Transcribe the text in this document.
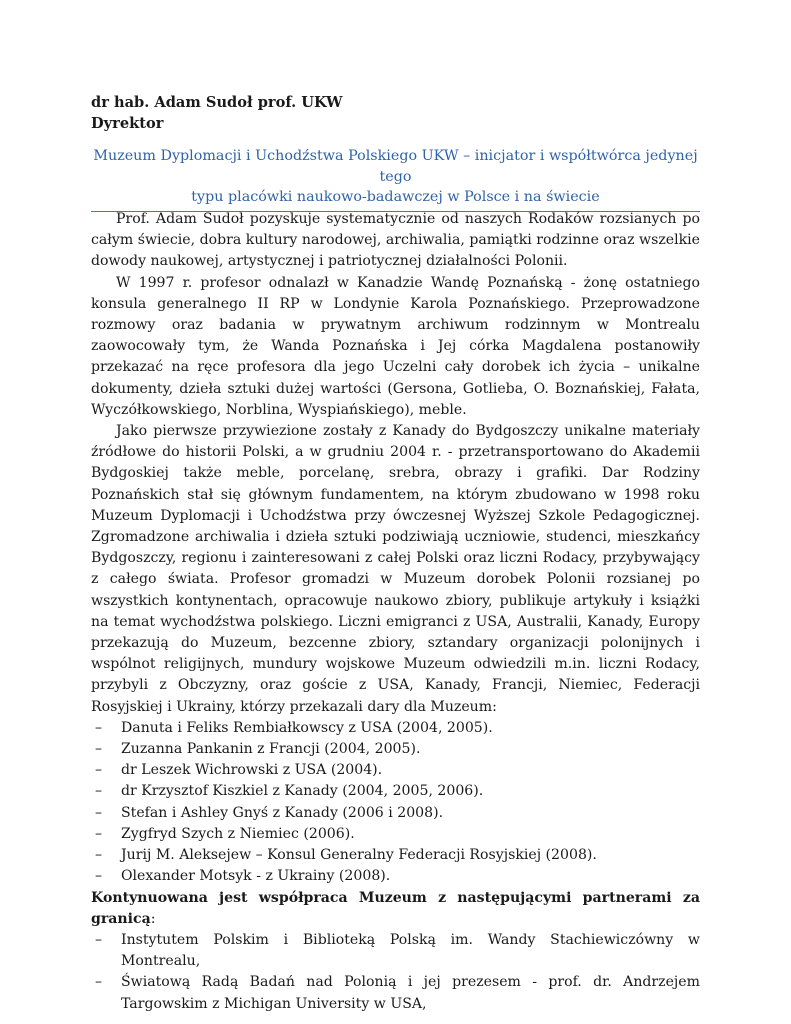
dr hab. Adam Sudoł prof. UKW
Dyrektor
Muzeum Dyplomacji i Uchodźstwa Polskiego UKW – inicjator i współtwórca jedynej tego
typu placówki naukowo-badawczej w Polsce i na świecie

Prof. Adam Sudoł pozyskuje systematycznie od naszych Rodaków rozsianych po całym świecie, dobra kultury narodowej, archiwalia, pamiątki rodzinne oraz wszelkie dowody naukowej, artystycznej i patriotycznej działalności Polonii.

W 1997 r. profesor odnalazł w Kanadzie Wandę Poznańską - żonę ostatniego konsula generalnego II RP w Londynie Karola Poznańskiego. Przeprowadzone rozmowy oraz badania w prywatnym archiwum rodzinnym w Montrealu zaowocowały tym, że Wanda Poznańska i Jej córka Magdalena postanowiły przekazać na ręce profesora dla jego Uczelni cały dorobek ich życia – unikalne dokumenty, dzieła sztuki dużej wartości (Gersona, Gotlieba, O. Boznańskiej, Fałata, Wyczółkowskiego, Norblina, Wyspiańskiego), meble.

Jako pierwsze przywiezione zostały z Kanady do Bydgoszczy unikalne materiały źródłowe do historii Polski, a w grudniu 2004 r. - przetransportowano do Akademii Bydgoskiej także meble, porcelanę, srebra, obrazy i grafiki. Dar Rodziny Poznańskich stał się głównym fundamentem, na którym zbudowano w 1998 roku Muzeum Dyplomacji i Uchodźstwa przy ówczesnej Wyższej Szkole Pedagogicznej. Zgromadzone archiwalia i dzieła sztuki podziwiają uczniowie, studenci, mieszkańcy Bydgoszczy, regionu i zainteresowani z całej Polski oraz liczni Rodacy, przybywający z całego świata. Profesor gromadzi w Muzeum dorobek Polonii rozsianej po wszystkich kontynentach, opracowuje naukowo zbiory, publikuje artykuły i książki na temat wychodźstwa polskiego. Liczni emigranci z USA, Australii, Kanady, Europy przekazują do Muzeum, bezcenne zbiory, sztandary organizacji polonijnych i wspólnot religijnych, mundury wojskowe Muzeum odwiedzili m.in. liczni Rodacy, przybyli z Obczyzny, oraz goście z USA, Kanady, Francji, Niemiec, Federacji Rosyjskiej i Ukrainy, którzy przekazali dary dla Muzeum:

– Danuta i Feliks Rembiałkowscy z USA (2004, 2005).
– Zuzanna Pankanin z Francji (2004, 2005).
– dr Leszek Wichrowski z USA (2004).
– dr Krzysztof Kiszkiel z Kanady (2004, 2005, 2006).
– Stefan i Ashley Gnyś z Kanady (2006 i 2008).
– Zygfryd Szych z Niemiec (2006).
– Jurij M. Aleksejew – Konsul Generalny Federacji Rosyjskiej (2008).
– Olexander Motsyk - z Ukrainy (2008).

Kontynuowana jest współpraca Muzeum z następującymi partnerami za granicą:

– Instytutem Polskim i Biblioteką Polską im. Wandy Stachiewiczówny w Montrealu,
– Światową Radą Badań nad Polonią i jej prezesem - prof. dr. Andrzejem Targowskim z Michigan University w USA,
